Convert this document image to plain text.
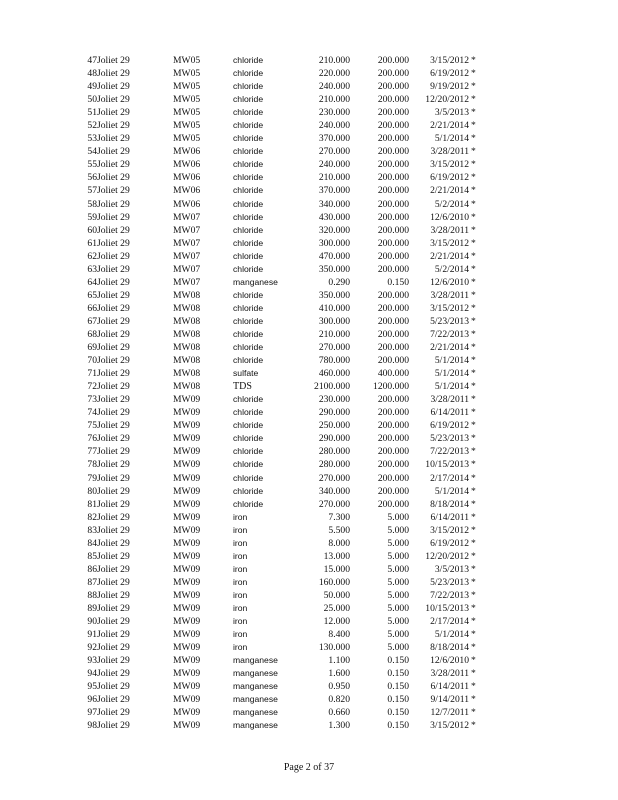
47 Joliet 29	MW05	chloride	210.000	200.000 3/15/2012 *
48 Joliet 29	MW05	chloride	220.000	200.000 6/19/2012 *
49 Joliet 29	MW05	chloride	240.000	200.000 9/19/2012 *
50 Joliet 29	MW05	chloride	210.000	200.000 12/20/2012 *
51 Joliet 29	MW05	chloride	230.000	200.000	3/5/2013 *
52 Joliet 29	MW05	chloride	240.000	200.000 2/21/2014 *
53 Joliet 29	MW05	chloride	370.000	200.000	5/1/2014 *
54 Joliet 29	MW06	chloride	270.000	200.000 3/28/2011 *
55 Joliet 29	MW06	chloride	240.000	200.000 3/15/2012 *
56 Joliet 29	MW06	chloride	210.000	200.000 6/19/2012 *
57 Joliet 29	MW06	chloride	370.000	200.000 2/21/2014 *
58 Joliet 29	MW06	chloride	340.000	200.000	5/2/2014 *
59 Joliet 29	MW07	chloride	430.000	200.000 12/6/2010 *
60 Joliet 29	MW07	chloride	320.000	200.000 3/28/2011 *
61 Joliet 29	MW07	chloride	300.000	200.000 3/15/2012 *
62 Joliet 29	MW07	chloride	470.000	200.000 2/21/2014 *
63 Joliet 29	MW07	chloride	350.000	200.000	5/2/2014 *
64 Joliet 29	MW07	manganese	0.290	0.150 12/6/2010 *
65 Joliet 29	MW08	chloride	350.000	200.000 3/28/2011 *
66 Joliet 29	MW08	chloride	410.000	200.000 3/15/2012 *
67 Joliet 29	MW08	chloride	300.000	200.000 5/23/2013 *
68 Joliet 29	MW08	chloride	210.000	200.000 7/22/2013 *
69 Joliet 29	MW08	chloride	270.000	200.000 2/21/2014 *
70 Joliet 29	MW08	chloride	780.000	200.000	5/1/2014 *
71 Joliet 29	MW08	sulfate	460.000	400.000	5/1/2014 *
72 Joliet 29	MW08	TDS	2100.000 1200.000	5/1/2014 *
73 Joliet 29	MW09	chloride	230.000	200.000 3/28/2011 *
74 Joliet 29	MW09	chloride	290.000	200.000 6/14/2011 *
75 Joliet 29	MW09	chloride	250.000	200.000 6/19/2012 *
76 Joliet 29	MW09	chloride	290.000	200.000 5/23/2013 *
77 Joliet 29	MW09	chloride	280.000	200.000 7/22/2013 *
78 Joliet 29	MW09	chloride	280.000	200.000 10/15/2013 *
79 Joliet 29	MW09	chloride	270.000	200.000 2/17/2014 *
80 Joliet 29	MW09	chloride	340.000	200.000	5/1/2014 *
81 Joliet 29	MW09	chloride	270.000	200.000 8/18/2014 *
82 Joliet 29	MW09	iron	7.300	5.000 6/14/2011 *
83 Joliet 29	MW09	iron	5.500	5.000 3/15/2012 *
84 Joliet 29	MW09	iron	8.000	5.000 6/19/2012 *
85 Joliet 29	MW09	iron	13.000	5.000 12/20/2012 *
86 Joliet 29	MW09	iron	15.000	5.000	3/5/2013 *
87 Joliet 29	MW09	iron	160.000	5.000 5/23/2013 *
88 Joliet 29	MW09	iron	50.000	5.000 7/22/2013 *
89 Joliet 29	MW09	iron	25.000	5.000 10/15/2013 *
90 Joliet 29	MW09	iron	12.000	5.000 2/17/2014 *
91 Joliet 29	MW09	iron	8.400	5.000	5/1/2014 *
92 Joliet 29	MW09	iron	130.000	5.000 8/18/2014 *
93 Joliet 29	MW09	manganese	1.100	0.150 12/6/2010 *
94 Joliet 29	MW09	manganese	1.600	0.150 3/28/2011 *
95 Joliet 29	MW09	manganese	0.950	0.150 6/14/2011 *
96 Joliet 29	MW09	manganese	0.820	0.150 9/14/2011 *
97 Joliet 29	MW09	manganese	0.660	0.150 12/7/2011 *
98 Joliet 29	MW09	manganese	1.300	0.150 3/15/2012 *
Page 2 of 37
